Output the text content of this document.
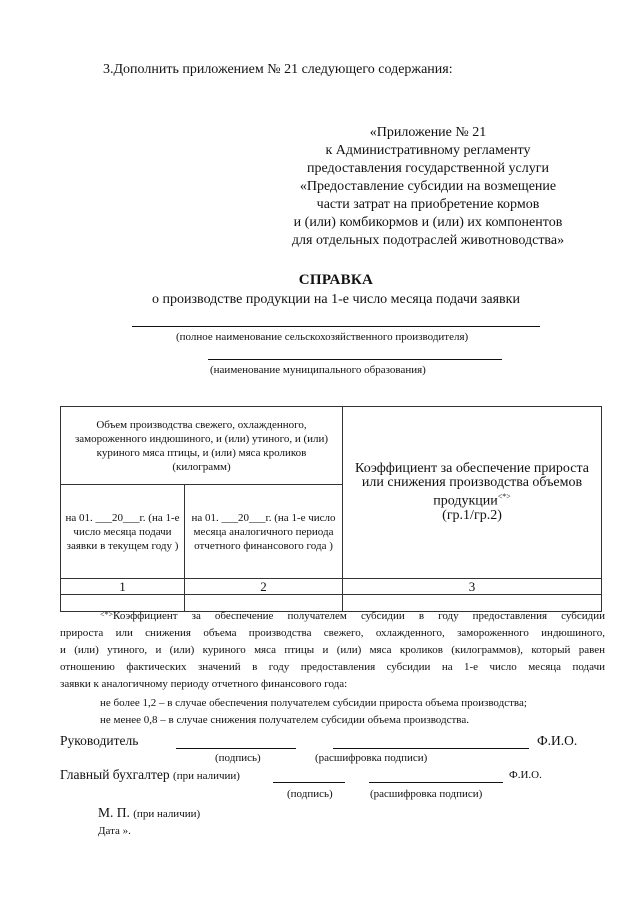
3.Дополнить приложением № 21 следующего содержания:
«Приложение № 21
к Административному регламенту
предоставления государственной услуги
«Предоставление субсидии на возмещение
части затрат на приобретение кормов
и (или) комбикормов и (или) их компонентов
для отдельных подотраслей животноводства»
СПРАВКА
о производстве продукции на 1-е число месяца подачи заявки
(полное наименование сельскохозяйственного производителя)
(наименование муниципального образования)
Объем производства свежего, охлажденного, замороженного индюшиного, и (или) утиного, и (или) куриного мяса птицы, и (или) мяса кроликов (килограмм)		Коэффициент за обеспечение прироста или снижения производства объемов продукции<*>
(гр.1/гр.2)
на 01. ___20___г. (на 1-е число месяца подачи заявки в текущем году )	на 01. ___20___г. (на 1-е число месяца аналогичного периода отчетного финансового года )	
1	2	3

<*>Коэффициент за обеспечение получателем субсидии в году предоставления субсидии
прироста или снижения объема производства свежего, охлажденного, замороженного индюшиного,
и (или) утиного, и (или) куриного мяса птицы и (или) мяса кроликов (килограммов), который равен
отношению фактических значений в году предоставления субсидии на 1-е число месяца подачи
заявки к аналогичному периоду отчетного финансового года:
не более 1,2 – в случае обеспечения получателем субсидии прироста объема производства;
не менее 0,8 – в случае снижения получателем субсидии объема производства.
Руководитель	Ф.И.О.
(подпись)	(расшифровка подписи)
Главный бухгалтер (при наличии)	Ф.И.О.
(подпись)	(расшифровка подписи)
М. П. (при наличии)
Дата ».
